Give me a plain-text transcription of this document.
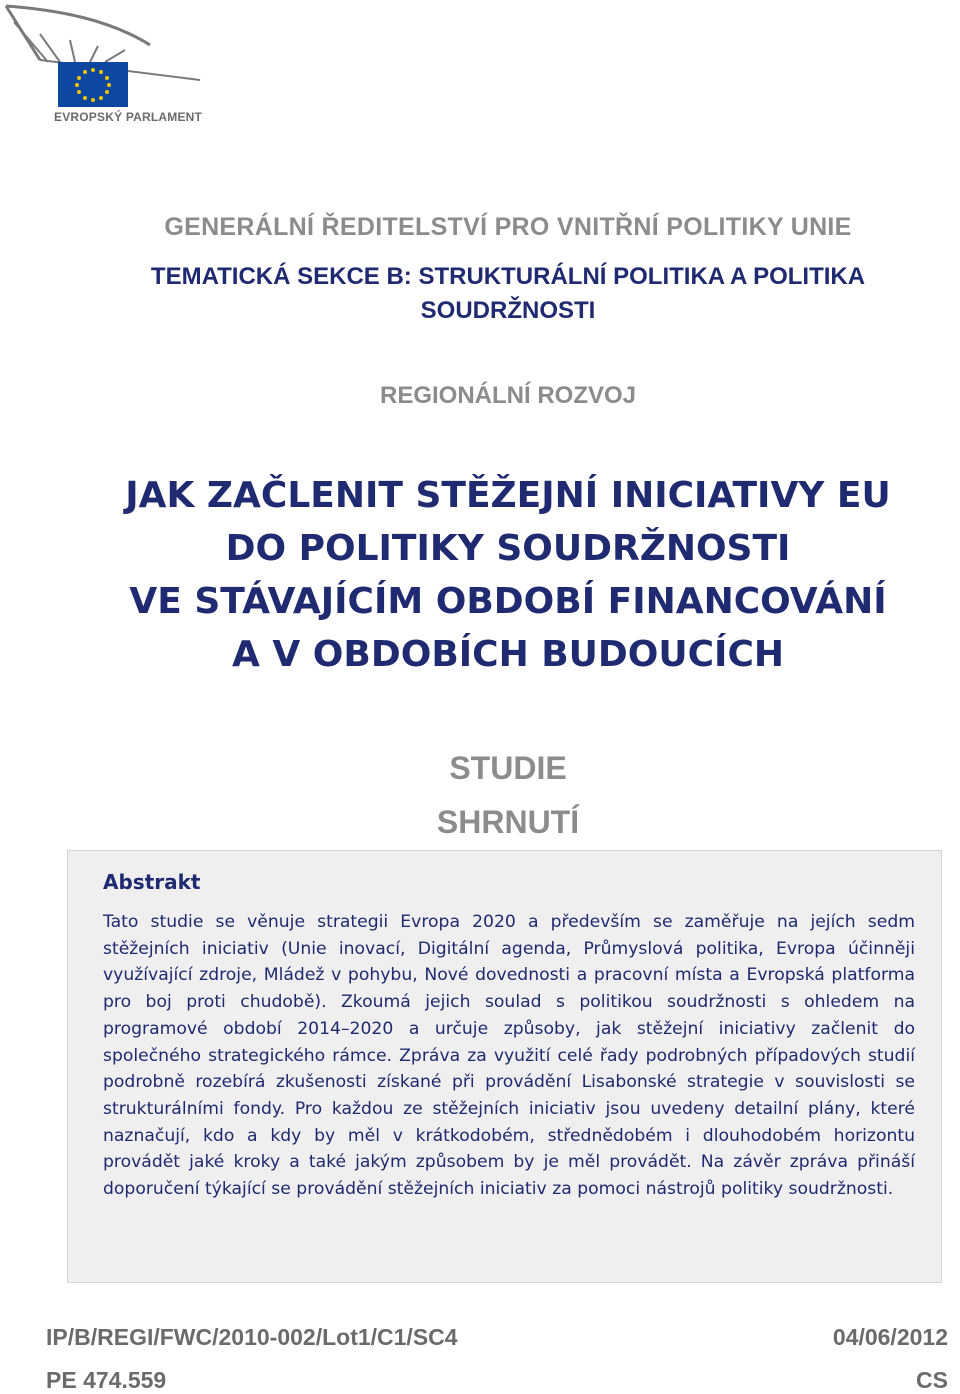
EVROPSKÝ PARLAMENT
GENERÁLNÍ ŘEDITELSTVÍ PRO VNITŘNÍ POLITIKY UNIE
TEMATICKÁ SEKCE B: STRUKTURÁLNÍ POLITIKA A POLITIKA
SOUDRŽNOSTI
REGIONÁLNÍ ROZVOJ
JAK ZAČLENIT STĚŽEJNÍ INICIATIVY EU
DO POLITIKY SOUDRŽNOSTI
VE STÁVAJÍCÍM OBDOBÍ FINANCOVÁNÍ
A V OBDOBÍCH BUDOUCÍCH
STUDIE
SHRNUTÍ
Abstrakt

Tato studie se věnuje strategii Evropa 2020 a především se zaměřuje na jejích sedm stěžejních iniciativ (Unie inovací, Digitální agenda, Průmyslová politika, Evropa účinněji využívající zdroje, Mládež v pohybu, Nové dovednosti a pracovní místa a Evropská platforma pro boj proti chudobě). Zkoumá jejich soulad s politikou soudržnosti s ohledem na programové období 2014–2020 a určuje způsoby, jak stěžejní iniciativy začlenit do společného strategického rámce. Zpráva za využití celé řady podrobných případových studií podrobně rozebírá zkušenosti získané při provádění Lisabonské strategie v souvislosti se strukturálními fondy. Pro každou ze stěžejních iniciativ jsou uvedeny detailní plány, které naznačují, kdo a kdy by měl v krátkodobém, střednědobém i dlouhodobém horizontu provádět jaké kroky a také jakým způsobem by je měl provádět. Na závěr zpráva přináší doporučení týkající se provádění stěžejních iniciativ za pomoci nástrojů politiky soudržnosti.

IP/B/REGI/FWC/2010-002/Lot1/C1/SC4	04/06/2012
PE 474.559	CS
